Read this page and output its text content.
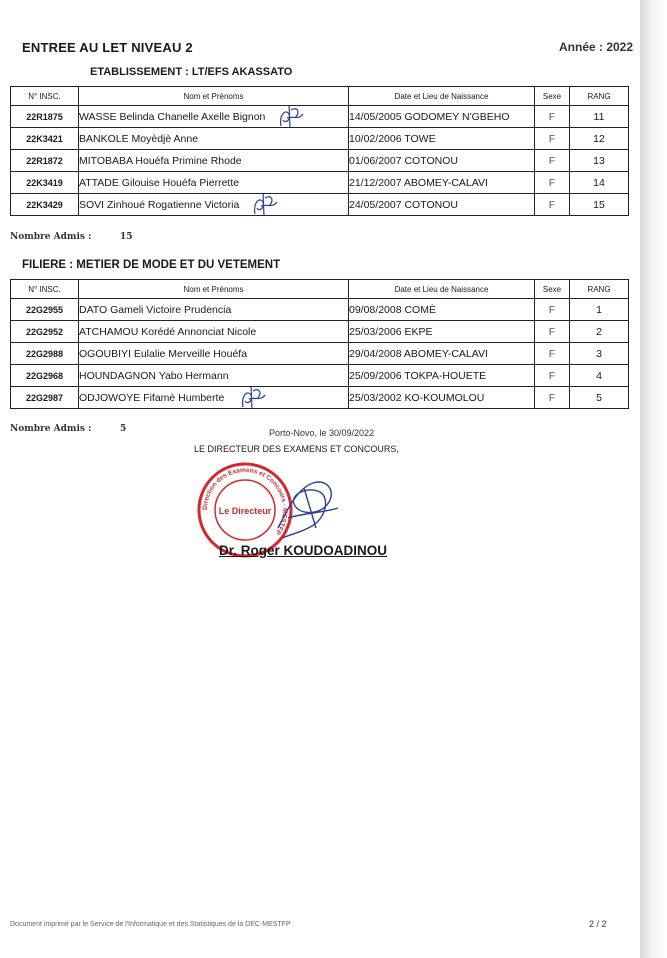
ENTREE AU LET NIVEAU 2	Année : 2022
ETABLISSEMENT : LT/EFS AKASSATO
N° INSC.	Nom et Prénoms	Date et Lieu de Naissance	Sexe	RANG
22R1875	WASSE Belinda Chanelle Axelle Bignon	14/05/2005 GODOMEY N'GBEHO	F	11
22K3421	BANKOLE Moyèdjè Anne	10/02/2006 TOWE	F	12
22R1872	MITOBABA Houéfa Primine Rhode	01/06/2007 COTONOU	F	13
22K3419	ATTADE Gilouise Houéfa Pierrette	21/12/2007 ABOMEY-CALAVI	F	14
22K3429	SOVI Zinhoué Rogatienne Victoria	24/05/2007 COTONOU	F	15
Nombre Admis :	15
FILIERE : METIER DE MODE ET DU VETEMENT
N° INSC.	Nom et Prénoms	Date et Lieu de Naissance	Sexe	RANG
22G2955	DATO Gameli Victoire Prudencia	09/08/2008 COMÈ	F	1
22G2952	ATCHAMOU Korédé Annonciat Nicole	25/03/2006 EKPE	F	2
22G2988	OGOUBIYI Eulalie Merveille Houéfa	29/04/2008 ABOMEY-CALAVI	F	3
22G2968	HOUNDAGNON Yabo Hermann	25/09/2006 TOKPA-HOUETE	F	4
22G2987	ODJOWOYE Fifamè Humberte	25/03/2002 KO-KOUMOLOU	F	5
Nombre Admis :	5	Porto-Novo, le 30/09/2022
LE DIRECTEUR DES EXAMENS ET CONCOURS,
Direction des Examens et Concours · MESTFP
Le Directeur
Dr. Roger KOUDOADINOU
Document imprimé par le Service de l'Informatique et des Statistiques de la DEC-MESTFP	2 / 2
